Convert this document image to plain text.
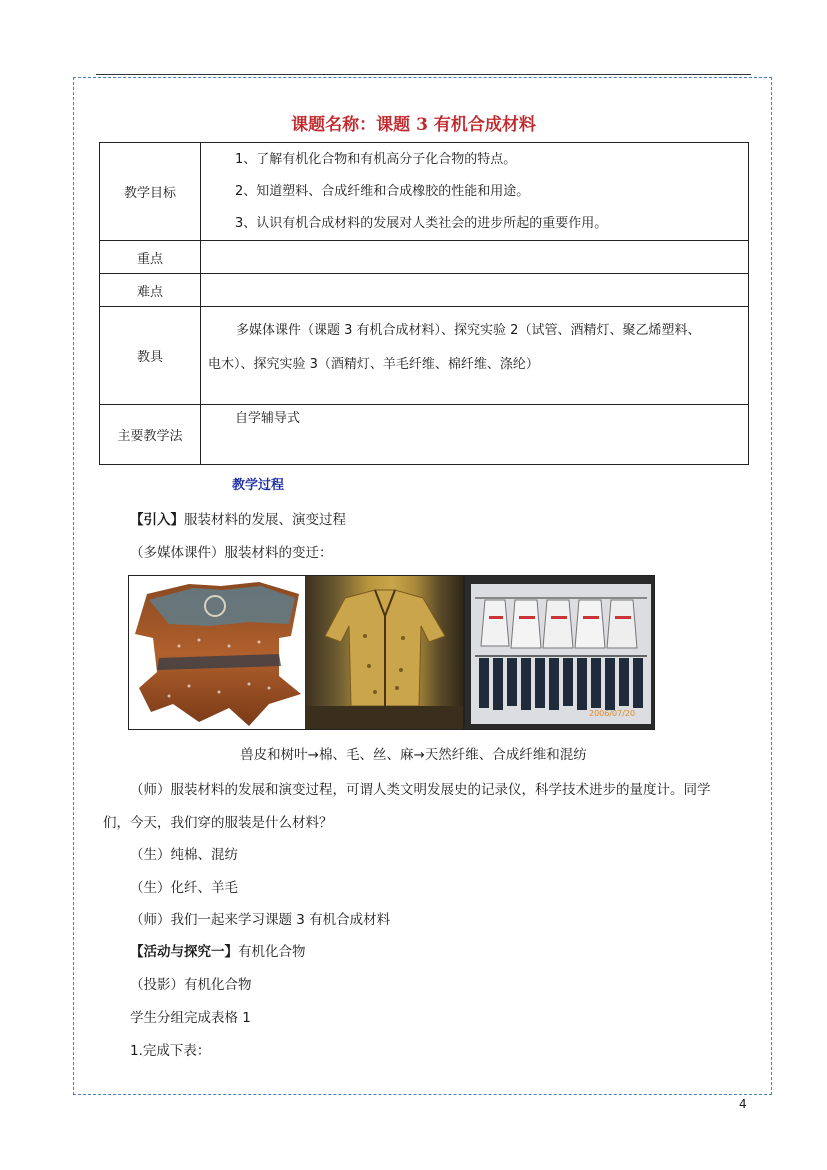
课题名称：课题 3 有机合成材料
教学目标	1、了解有机化合物和有机高分子化合物的特点。
2、知道塑料、合成纤维和合成橡胶的性能和用途。
3、认识有机合成材料的发展对人类社会的进步所起的重要作用。

重点	
难点	
教具	多媒体课件（课题 3 有机合成材料）、探究实验 2（试管、酒精灯、聚乙烯塑料、
电木）、探究实验 3（酒精灯、羊毛纤维、棉纤维、涤纶）

主要教学法	自学辅导式
教学过程
【引入】服装材料的发展、演变过程
（多媒体课件）服装材料的变迁：
2006/07/20
兽皮和树叶→棉、毛、丝、麻→天然纤维、合成纤维和混纺
（师）服装材料的发展和演变过程，可谓人类文明发展史的记录仪，科学技术进步的量度计。同学
们，今天，我们穿的服装是什么材料？
（生）纯棉、混纺
（生）化纤、羊毛
（师）我们一起来学习课题 3 有机合成材料
【活动与探究一】有机化合物
（投影）有机化合物
学生分组完成表格 1
1.完成下表：
4
